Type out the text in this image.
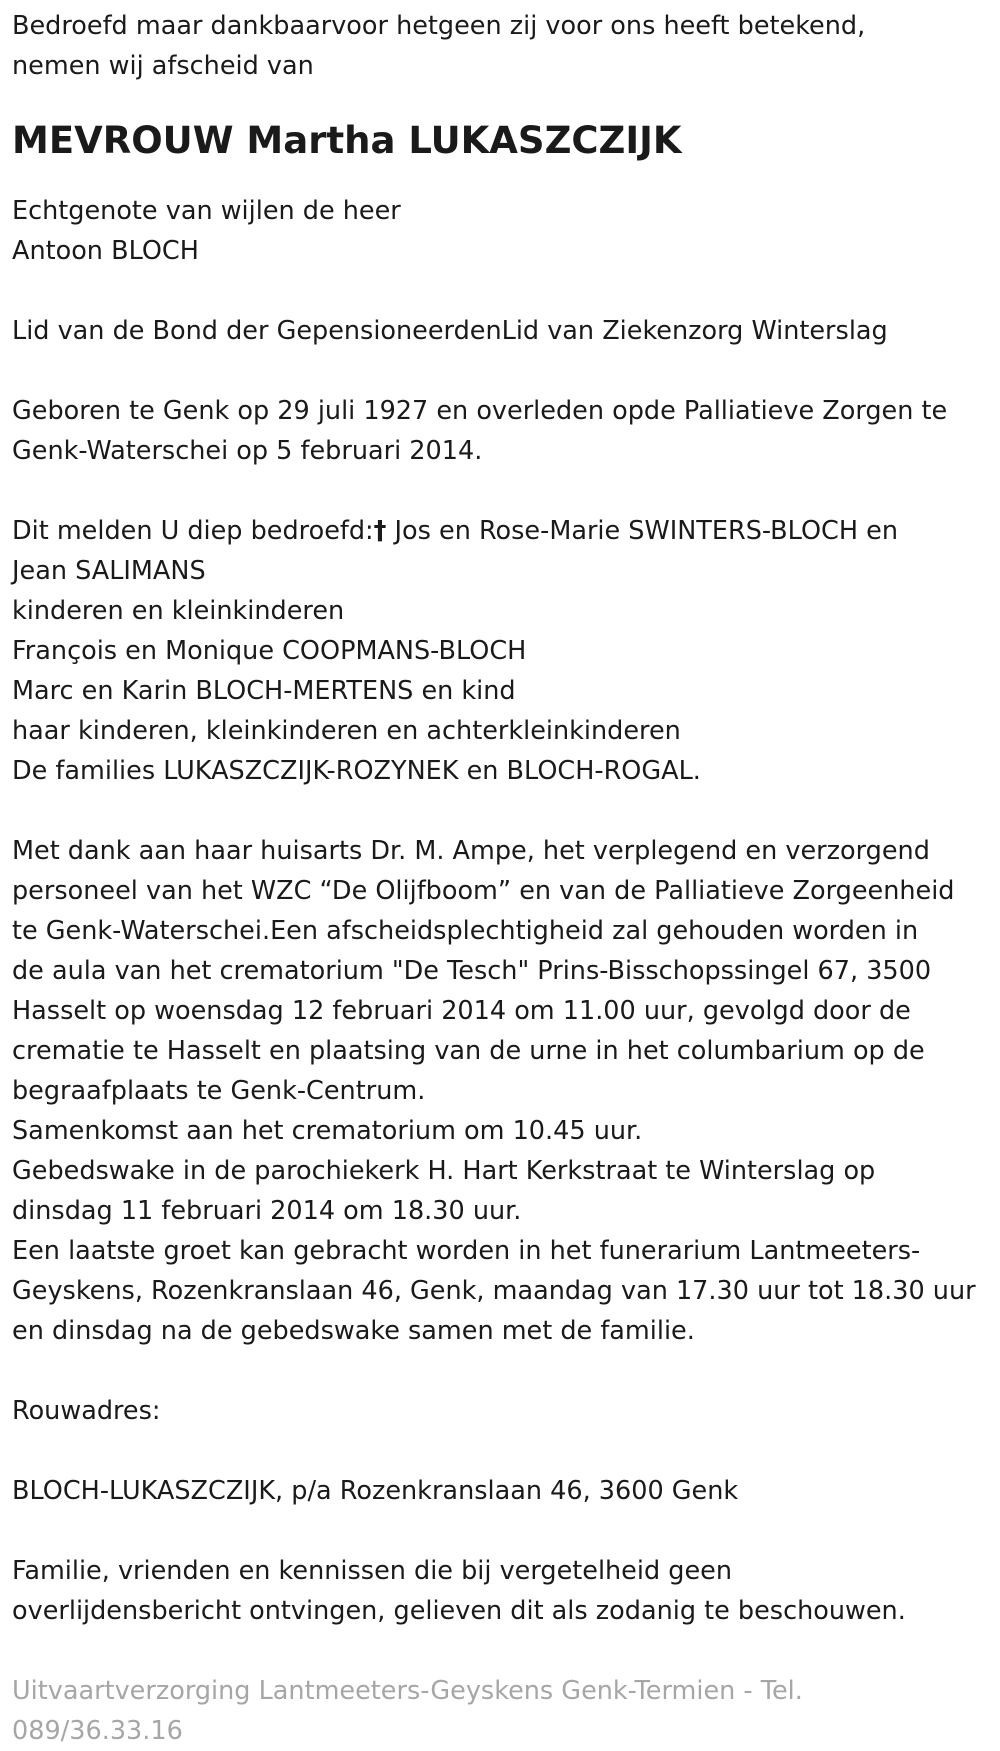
Bedroefd maar dankbaarvoor hetgeen zij voor ons heeft betekend,
nemen wij afscheid van

MEVROUW Martha LUKASZCZIJK

Echtgenote van wijlen de heer
Antoon BLOCH

Lid van de Bond der GepensioneerdenLid van Ziekenzorg Winterslag

Geboren te Genk op 29 juli 1927 en overleden opde Palliatieve Zorgen te
Genk-Waterschei op 5 februari 2014.

Dit melden U diep bedroefd:† Jos en Rose-Marie SWINTERS-BLOCH en
Jean SALIMANS
kinderen en kleinkinderen
François en Monique COOPMANS-BLOCH
Marc en Karin BLOCH-MERTENS en kind
haar kinderen, kleinkinderen en achterkleinkinderen
De families LUKASZCZIJK-ROZYNEK en BLOCH-ROGAL.

Met dank aan haar huisarts Dr. M. Ampe, het verplegend en verzorgend
personeel van het WZC “De Olijfboom” en van de Palliatieve Zorgeenheid
te Genk-Waterschei.Een afscheidsplechtigheid zal gehouden worden in
de aula van het crematorium "De Tesch" Prins-Bisschopssingel 67, 3500
Hasselt op woensdag 12 februari 2014 om 11.00 uur, gevolgd door de
crematie te Hasselt en plaatsing van de urne in het columbarium op de
begraafplaats te Genk-Centrum.
Samenkomst aan het crematorium om 10.45 uur.
Gebedswake in de parochiekerk H. Hart Kerkstraat te Winterslag op
dinsdag 11 februari 2014 om 18.30 uur.
Een laatste groet kan gebracht worden in het funerarium Lantmeeters-
Geyskens, Rozenkranslaan 46, Genk, maandag van 17.30 uur tot 18.30 uur
en dinsdag na de gebedswake samen met de familie.

Rouwadres:

BLOCH-LUKASZCZIJK, p/a Rozenkranslaan 46, 3600 Genk

Familie, vrienden en kennissen die bij vergetelheid geen
overlijdensbericht ontvingen, gelieven dit als zodanig te beschouwen.

Uitvaartverzorging Lantmeeters-Geyskens Genk-Termien - Tel.
089/36.33.16
